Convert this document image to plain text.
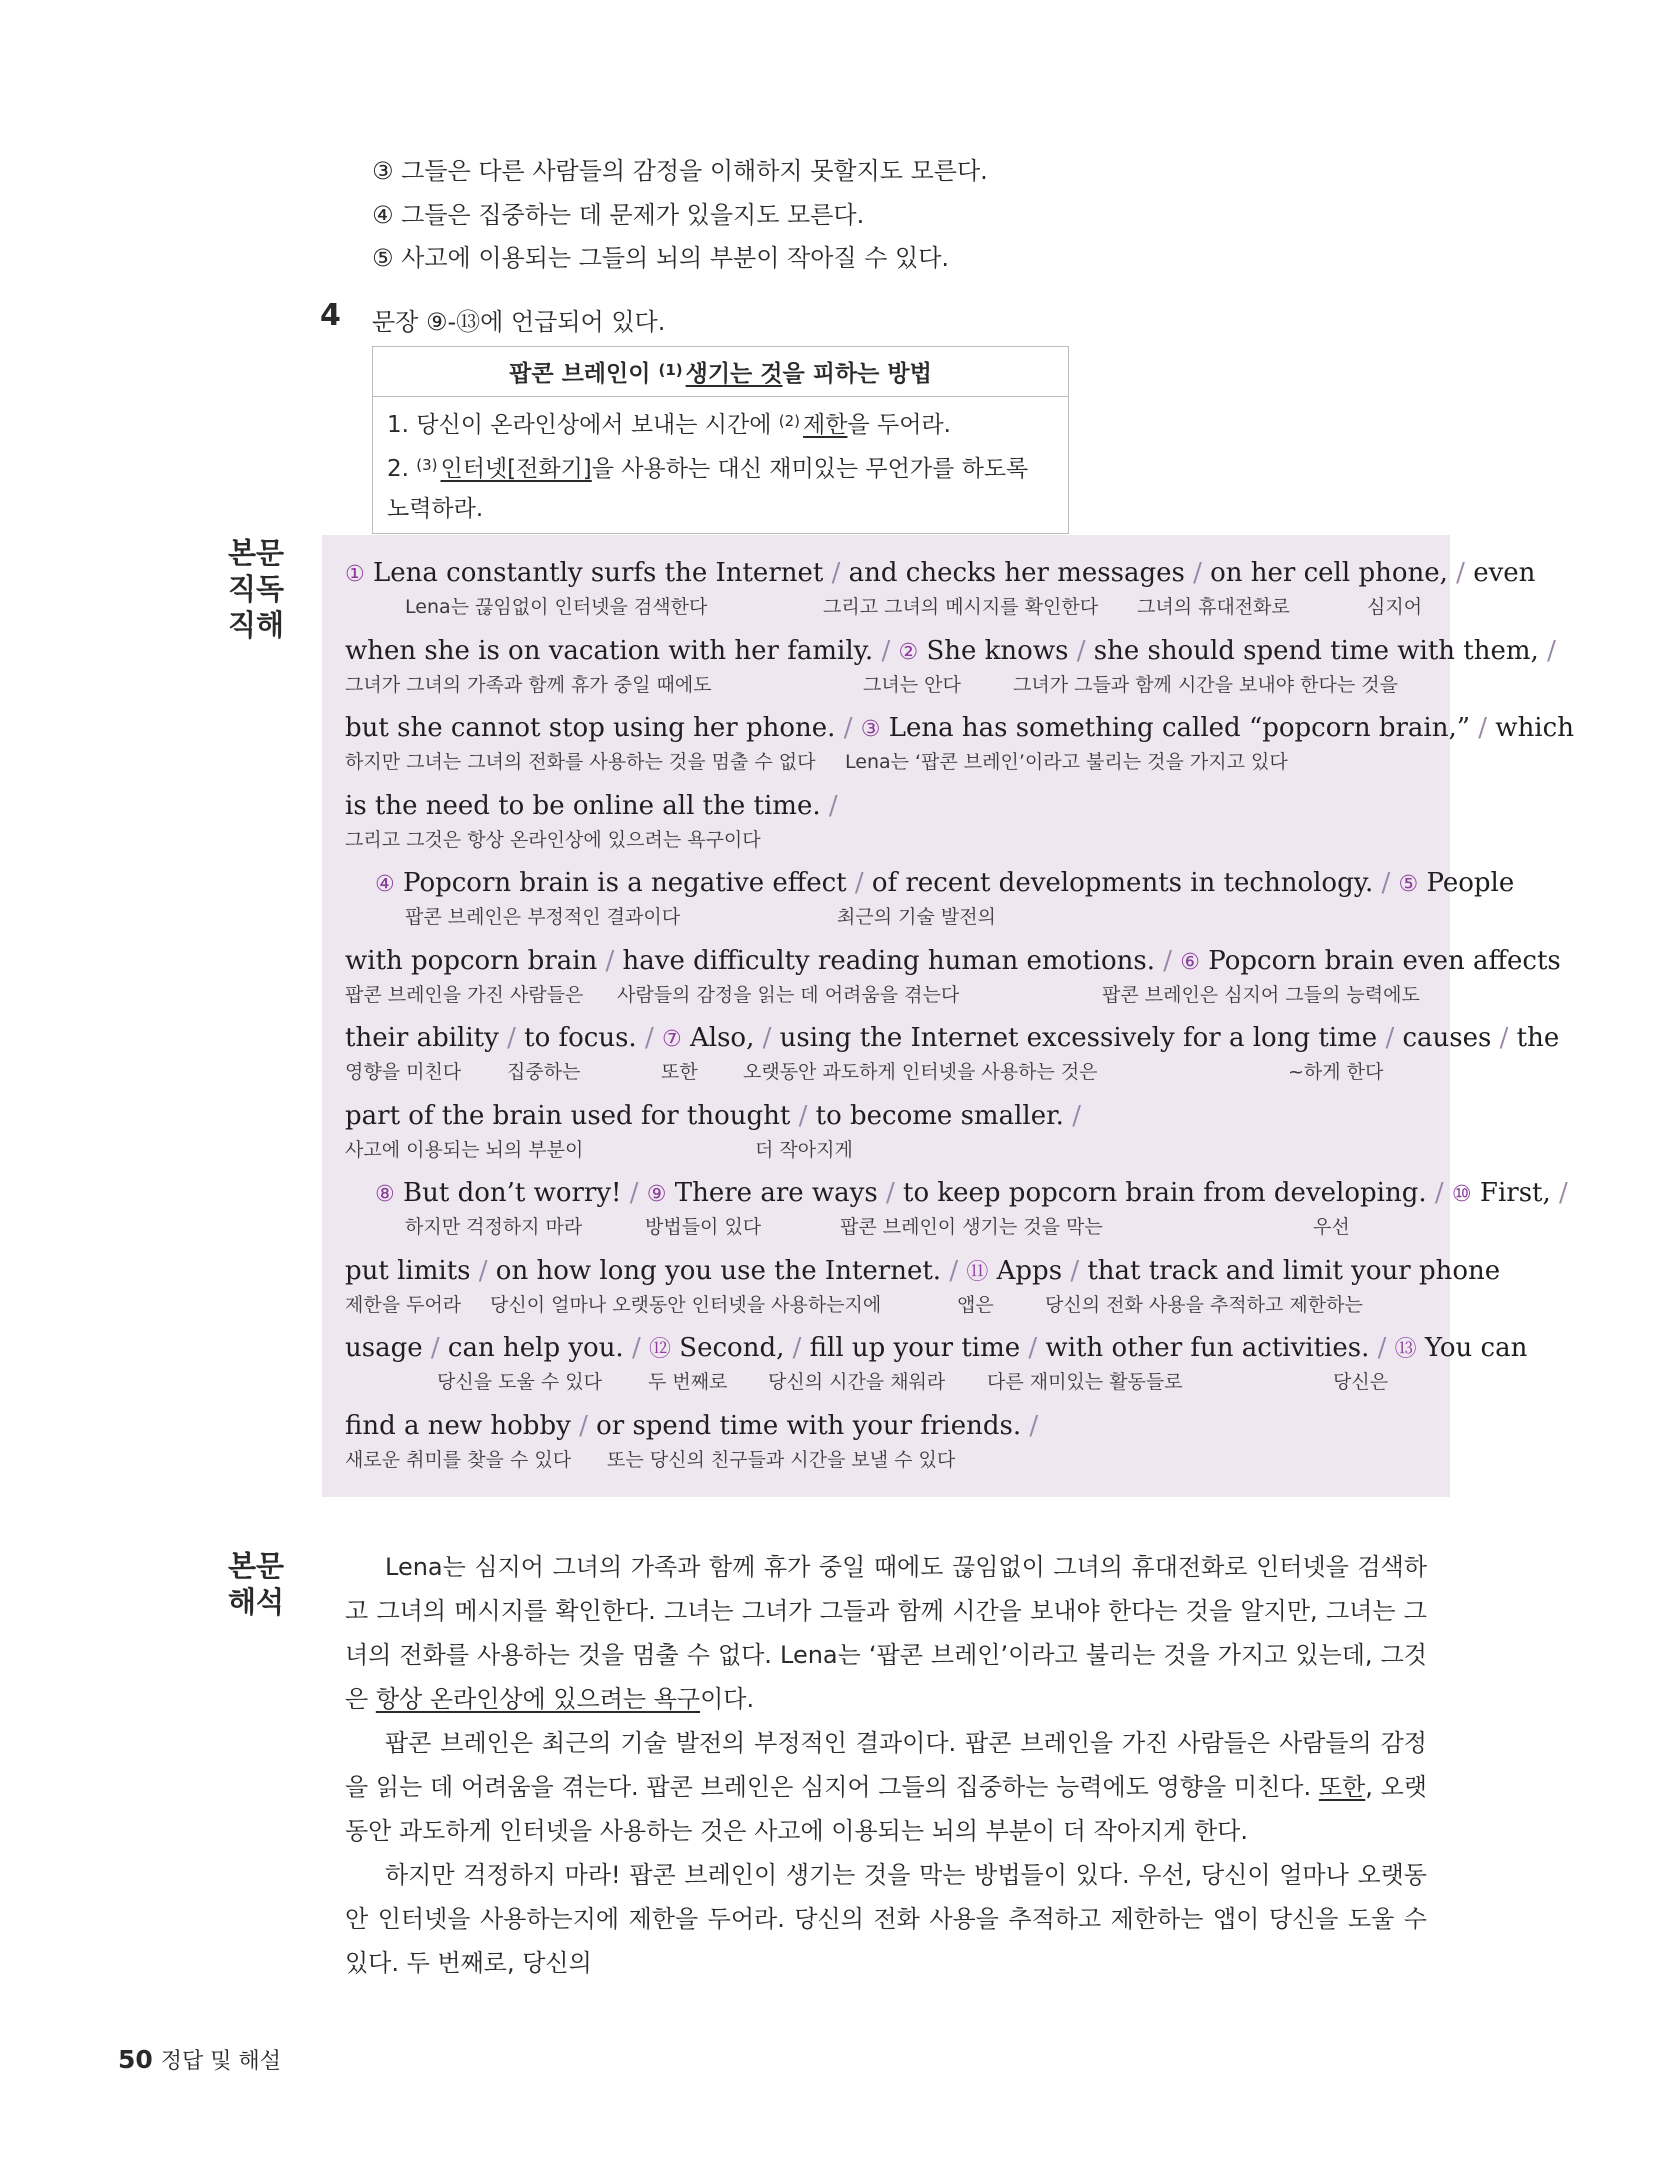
③ 그들은 다른 사람들의 감정을 이해하지 못할지도 모른다.
④ 그들은 집중하는 데 문제가 있을지도 모른다.
⑤ 사고에 이용되는 그들의 뇌의 부분이 작아질 수 있다.
4 문장 ⑨-⑬에 언급되어 있다.
팝콘 브레인이 $^{(1)}$ 생기는 것을 피하는 방법

1. 당신이 온라인상에서 보내는 시간에 $^{(2)}$ 제한을 두어라.
2. $^{(3)}$ 인터넷[전화기]을 사용하는 대신 재미있는 무언가를 하도록 노력하라.
본문
직독
직해
본문
해석
① Lena constantly surfs the Internet / and checks her messages / on her cell phone, / even
Lena는 끊임없이 인터넷을 검색한다	그리고 그녀의 메시지를 확인한다 그녀의 휴대전화로	심지어
when she is on vacation with her family. / ② She knows / she should spend time with them, /
그녀가 그녀의 가족과 함께 휴가 중일 때에도	그녀는 안다	그녀가 그들과 함께 시간을 보내야 한다는 것을
but she cannot stop using her phone. / ③ Lena has something called “popcorn brain,” / which
하지만 그녀는 그녀의 전화를 사용하는 것을 멈출 수 없다 Lena는 ‘팝콘 브레인’이라고 불리는 것을 가지고 있다
is the need to be online all the time. /
그리고 그것은 항상 온라인상에 있으려는 욕구이다
④ Popcorn brain is a negative effect / of recent developments in technology. / ⑤ People
팝콘 브레인은 부정적인 결과이다	최근의 기술 발전의
with popcorn brain / have difficulty reading human emotions. / ⑥ Popcorn brain even affects
팝콘 브레인을 가진 사람들은 사람들의 감정을 읽는 데 어려움을 겪는다	팝콘 브레인은 심지어 그들의 능력에도
their ability / to focus. / ⑦ Also, / using the Internet excessively for a long time / causes / the
영향을 미친다 집중하는	또한 오랫동안 과도하게 인터넷을 사용하는 것은	~하게 한다
part of the brain used for thought / to become smaller. /
사고에 이용되는 뇌의 부분이	더 작아지게
⑧ But don’t worry! / ⑨ There are ways / to keep popcorn brain from developing. / ⑩ First, /
하지만 걱정하지 마라	방법들이 있다	팝콘 브레인이 생기는 것을 막는	우선
put limits / on how long you use the Internet. / ⑪ Apps / that track and limit your phone
제한을 두어라 당신이 얼마나 오랫동안 인터넷을 사용하는지에	앱은	당신의 전화 사용을 추적하고 제한하는
usage / can help you. / ⑫ Second, / fill up your time / with other fun activities. / ⑬ You can
당신을 도울 수 있다 두 번째로 당신의 시간을 채워라 다른 재미있는 활동들로	당신은
find a new hobby / or spend time with your friends. /
새로운 취미를 찾을 수 있다 또는 당신의 친구들과 시간을 보낼 수 있다

Lena는 심지어 그녀의 가족과 함께 휴가 중일 때에도 끊임없이 그녀의 휴대전화로 인터넷을 검색하고 그녀의 메시지를 확인한다. 그녀는 그녀가 그들과 함께 시간을 보내야 한다는 것을 알지만, 그녀는 그녀의 전화를 사용하는 것을 멈출 수 없다. Lena는 ‘팝콘 브레인’이라고 불리는 것을 가지고 있는데, 그것은 항상 온라인상에 있으려는 욕구이다.

팝콘 브레인은 최근의 기술 발전의 부정적인 결과이다. 팝콘 브레인을 가진 사람들은 사람들의 감정을 읽는 데 어려움을 겪는다. 팝콘 브레인은 심지어 그들의 집중하는 능력에도 영향을 미친다. 또한, 오랫동안 과도하게 인터넷을 사용하는 것은 사고에 이용되는 뇌의 부분이 더 작아지게 한다.

하지만 걱정하지 마라! 팝콘 브레인이 생기는 것을 막는 방법들이 있다. 우선, 당신이 얼마나 오랫동안 인터넷을 사용하는지에 제한을 두어라. 당신의 전화 사용을 추적하고 제한하는 앱이 당신을 도울 수 있다. 두 번째로, 당신의

50 정답 및 해설
